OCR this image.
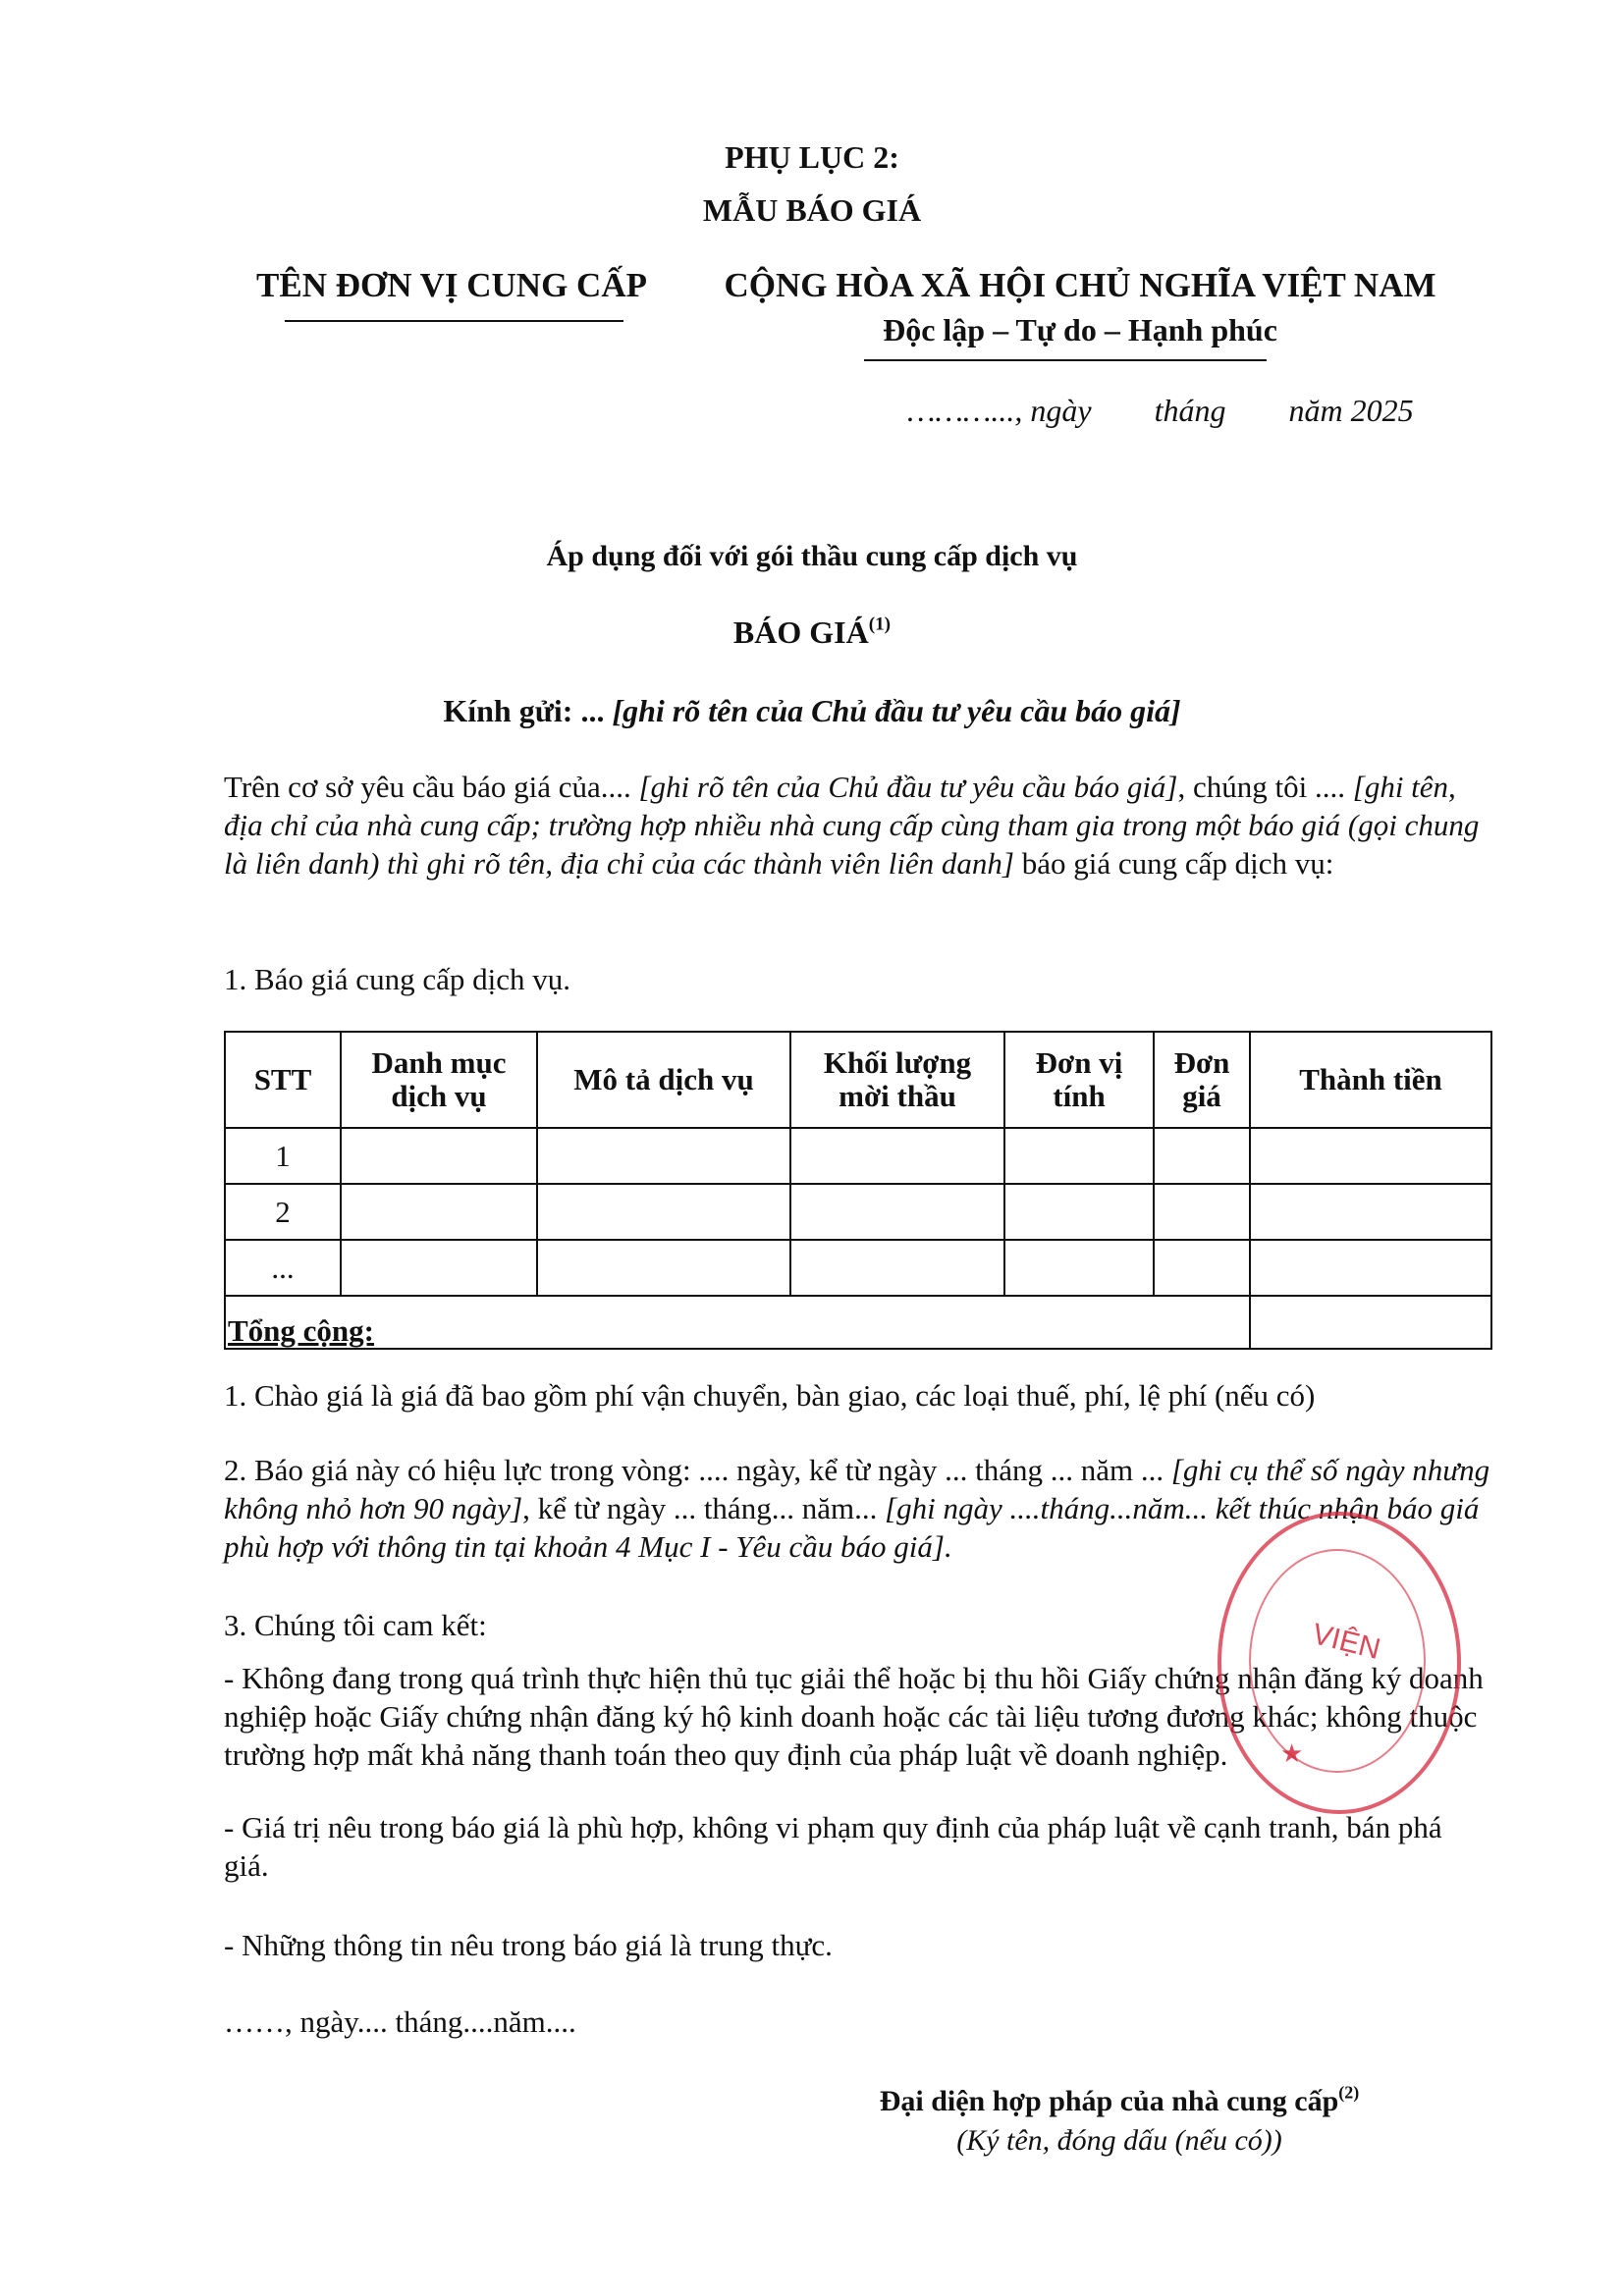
PHỤ LỤC 2:
MẪU BÁO GIÁ
TÊN ĐƠN VỊ CUNG CẤP	CỘNG HÒA XÃ HỘI CHỦ NGHĨA VIỆT NAM
Độc lập – Tự do – Hạnh phúc
………..., ngày        tháng        năm 2025
Áp dụng đối với gói thầu cung cấp dịch vụ
BÁO GIÁ$^{(1)}$
Kính gửi: ... [ghi rõ tên của Chủ đầu tư yêu cầu báo giá]
Trên cơ sở yêu cầu báo giá của.... [ghi rõ tên của Chủ đầu tư yêu cầu báo giá], chúng tôi .... [ghi tên, địa chỉ của nhà cung cấp; trường hợp nhiều nhà cung cấp cùng tham gia trong một báo giá (gọi chung là liên danh) thì ghi rõ tên, địa chỉ của các thành viên liên danh] báo giá cung cấp dịch vụ:
1. Báo giá cung cấp dịch vụ.
STT	Danh mục dịch vụ	Mô tả dịch vụ	Khối lượng mời thầu	Đơn vị tính	Đơn giá	Thành tiền
1						
2						
...						
Tổng cộng:						
1. Chào giá là giá đã bao gồm phí vận chuyển, bàn giao, các loại thuế, phí, lệ phí (nếu có)
2. Báo giá này có hiệu lực trong vòng: .... ngày, kể từ ngày ... tháng ... năm ... [ghi cụ thể số ngày nhưng không nhỏ hơn 90 ngày], kể từ ngày ... tháng... năm... [ghi ngày ....tháng...năm... kết thúc nhận báo giá phù hợp với thông tin tại khoản 4 Mục I - Yêu cầu báo giá].
3. Chúng tôi cam kết:
- Không đang trong quá trình thực hiện thủ tục giải thể hoặc bị thu hồi Giấy chứng nhận đăng ký doanh nghiệp hoặc Giấy chứng nhận đăng ký hộ kinh doanh hoặc các tài liệu tương đương khác; không thuộc trường hợp mất khả năng thanh toán theo quy định của pháp luật về doanh nghiệp.
- Giá trị nêu trong báo giá là phù hợp, không vi phạm quy định của pháp luật về cạnh tranh, bán phá giá.
- Những thông tin nêu trong báo giá là trung thực.
……, ngày.... tháng....năm....
Đại diện hợp pháp của nhà cung cấp$^{(2)}$
(Ký tên, đóng dấu (nếu có))
VIỆN
★
